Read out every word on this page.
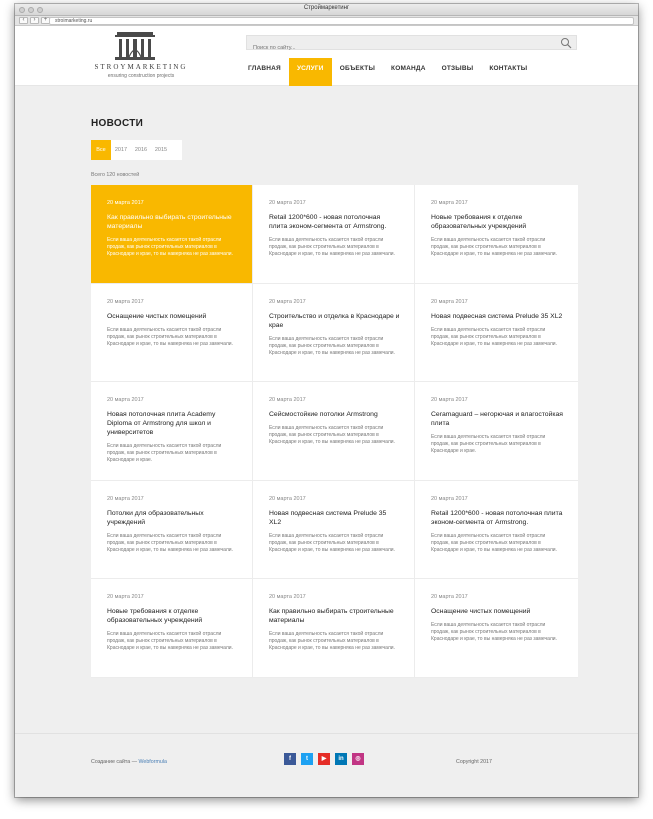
Строймаркетинг
‹	›	+	stroimarketing.ru
STROYMARKETING
ensuring construction projects
Поиск по сайту...
ГЛАВНАЯ	УСЛУГИ	ОБЪЕКТЫ	КОМАНДА	ОТЗЫВЫ	КОНТАКТЫ
НОВОСТИ
Все	2017	2016	2015
Всего 120 новостей
20 марта 2017
Как правильно выбирать строительные материалы
Если ваша деятельность касается такой отрасли продаж, как рынок строительных материалов в Краснодаре и крае, то вы наверняка не раз замечали.
20 марта 2017
Retail 1200*600 - новая потолочная плита эконом-сегмента от Armstrong.
Если ваша деятельность касается такой отрасли продаж, как рынок строительных материалов в Краснодаре и крае, то вы наверняка не раз замечали.
20 марта 2017
Новые требования к отделке образовательных учреждений
Если ваша деятельность касается такой отрасли продаж, как рынок строительных материалов в Краснодаре и крае, то вы наверняка не раз замечали.
20 марта 2017
Оснащение чистых помещений
Если ваша деятельность касается такой отрасли продаж, как рынок строительных материалов в Краснодаре и крае, то вы наверняка не раз замечали.
20 марта 2017
Строительство и отделка в Краснодаре и крае
Если ваша деятельность касается такой отрасли продаж, как рынок строительных материалов в Краснодаре и крае, то вы наверняка не раз замечали.
20 марта 2017
Новая подвесная система Prelude 35 XL2
Если ваша деятельность касается такой отрасли продаж, как рынок строительных материалов в Краснодаре и крае, то вы наверняка не раз замечали.
20 марта 2017
Новая потолочная плита Academy Diploma от Armstrong для школ и университетов
Если ваша деятельность касается такой отрасли продаж, как рынок строительных материалов в Краснодаре и крае.
20 марта 2017
Сейсмостойкие потолки Armstrong
Если ваша деятельность касается такой отрасли продаж, как рынок строительных материалов в Краснодаре и крае, то вы наверняка не раз замечали.
20 марта 2017
Ceramaguard – негорючая и влагостойкая плита
Если ваша деятельность касается такой отрасли продаж, как рынок строительных материалов в Краснодаре и крае.
20 марта 2017
Потолки для образовательных учреждений
Если ваша деятельность касается такой отрасли продаж, как рынок строительных материалов в Краснодаре и крае, то вы наверняка не раз замечали.
20 марта 2017
Новая подвесная система Prelude 35 XL2
Если ваша деятельность касается такой отрасли продаж, как рынок строительных материалов в Краснодаре и крае, то вы наверняка не раз замечали.
20 марта 2017
Retail 1200*600 - новая потолочная плита эконом-сегмента от Armstrong.
Если ваша деятельность касается такой отрасли продаж, как рынок строительных материалов в Краснодаре и крае, то вы наверняка не раз замечали.
20 марта 2017
Новые требования к отделке образовательных учреждений
Если ваша деятельность касается такой отрасли продаж, как рынок строительных материалов в Краснодаре и крае, то вы наверняка не раз замечали.
20 марта 2017
Как правильно выбирать строительные материалы
Если ваша деятельность касается такой отрасли продаж, как рынок строительных материалов в Краснодаре и крае, то вы наверняка не раз замечали.
20 марта 2017
Оснащение чистых помещений
Если ваша деятельность касается такой отрасли продаж, как рынок строительных материалов в Краснодаре и крае, то вы наверняка не раз замечали.
Создание сайта — Webformula	f	t	▶	in	◎	Copyright 2017
